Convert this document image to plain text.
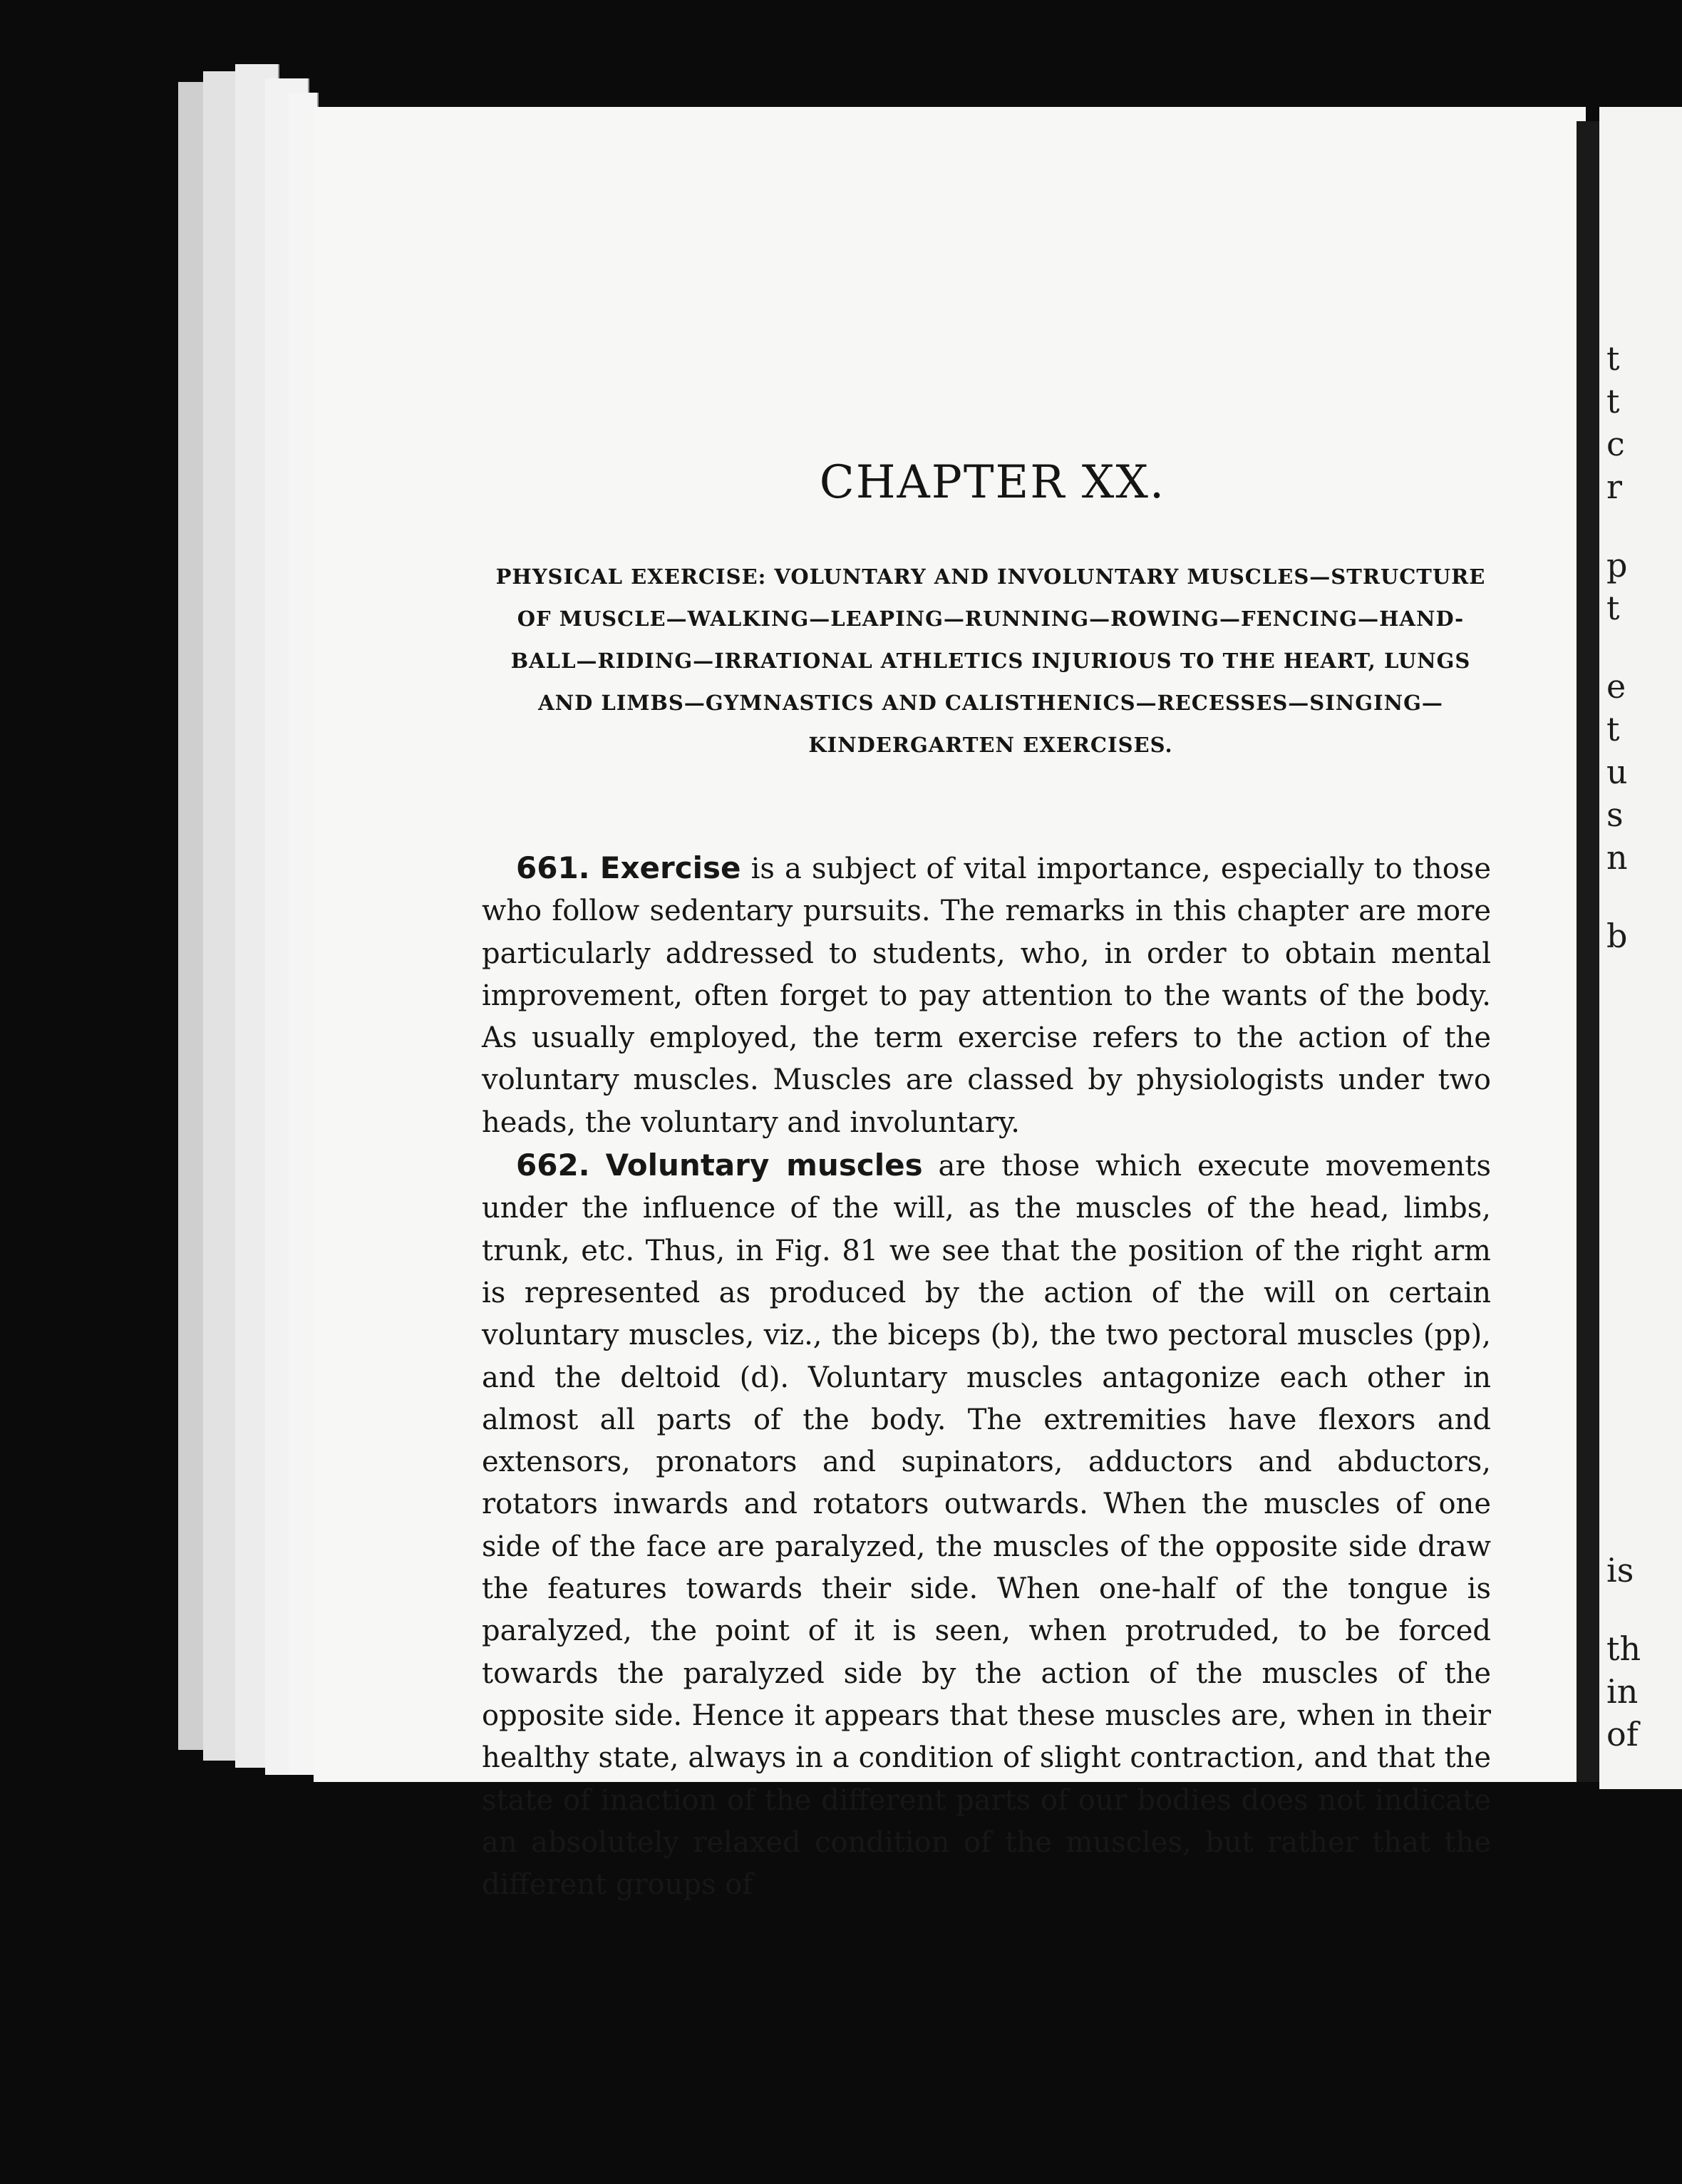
t
t
c
r
p
t
e
t
u
s
n
b
is
th
in
of
CHAPTER XX.
PHYSICAL EXERCISE: VOLUNTARY AND INVOLUNTARY MUSCLES—STRUCTURE OF MUSCLE—WALKING—LEAPING—RUNNING—ROWING—FENCING—HAND-BALL—RIDING—IRRATIONAL ATHLETICS INJURIOUS TO THE HEART, LUNGS AND LIMBS—GYMNASTICS AND CALISTHENICS—RECESSES—SINGING—KINDERGARTEN EXERCISES.

661. Exercise is a subject of vital importance, especially to those who follow sedentary pursuits. The remarks in this chapter are more particularly addressed to students, who, in order to obtain mental improvement, often forget to pay attention to the wants of the body. As usually employed, the term exercise refers to the action of the voluntary muscles. Muscles are classed by physiologists under two heads, the voluntary and involuntary.

662. Voluntary muscles are those which execute movements under the influence of the will, as the muscles of the head, limbs, trunk, etc. Thus, in Fig. 81 we see that the position of the right arm is represented as produced by the action of the will on certain voluntary muscles, viz., the biceps (b), the two pectoral muscles (pp), and the deltoid (d). Voluntary muscles antagonize each other in almost all parts of the body. The extremities have flexors and extensors, pronators and supinators, adductors and abductors, rotators inwards and rotators outwards. When the muscles of one side of the face are paralyzed, the muscles of the opposite side draw the features towards their side. When one-half of the tongue is paralyzed, the point of it is seen, when protruded, to be forced towards the paralyzed side by the action of the muscles of the opposite side. Hence it appears that these muscles are, when in their healthy state, always in a condition of slight contraction, and that the state of inaction of the different parts of our bodies does not indicate an absolutely relaxed condition of the muscles, but rather that the different groups of
